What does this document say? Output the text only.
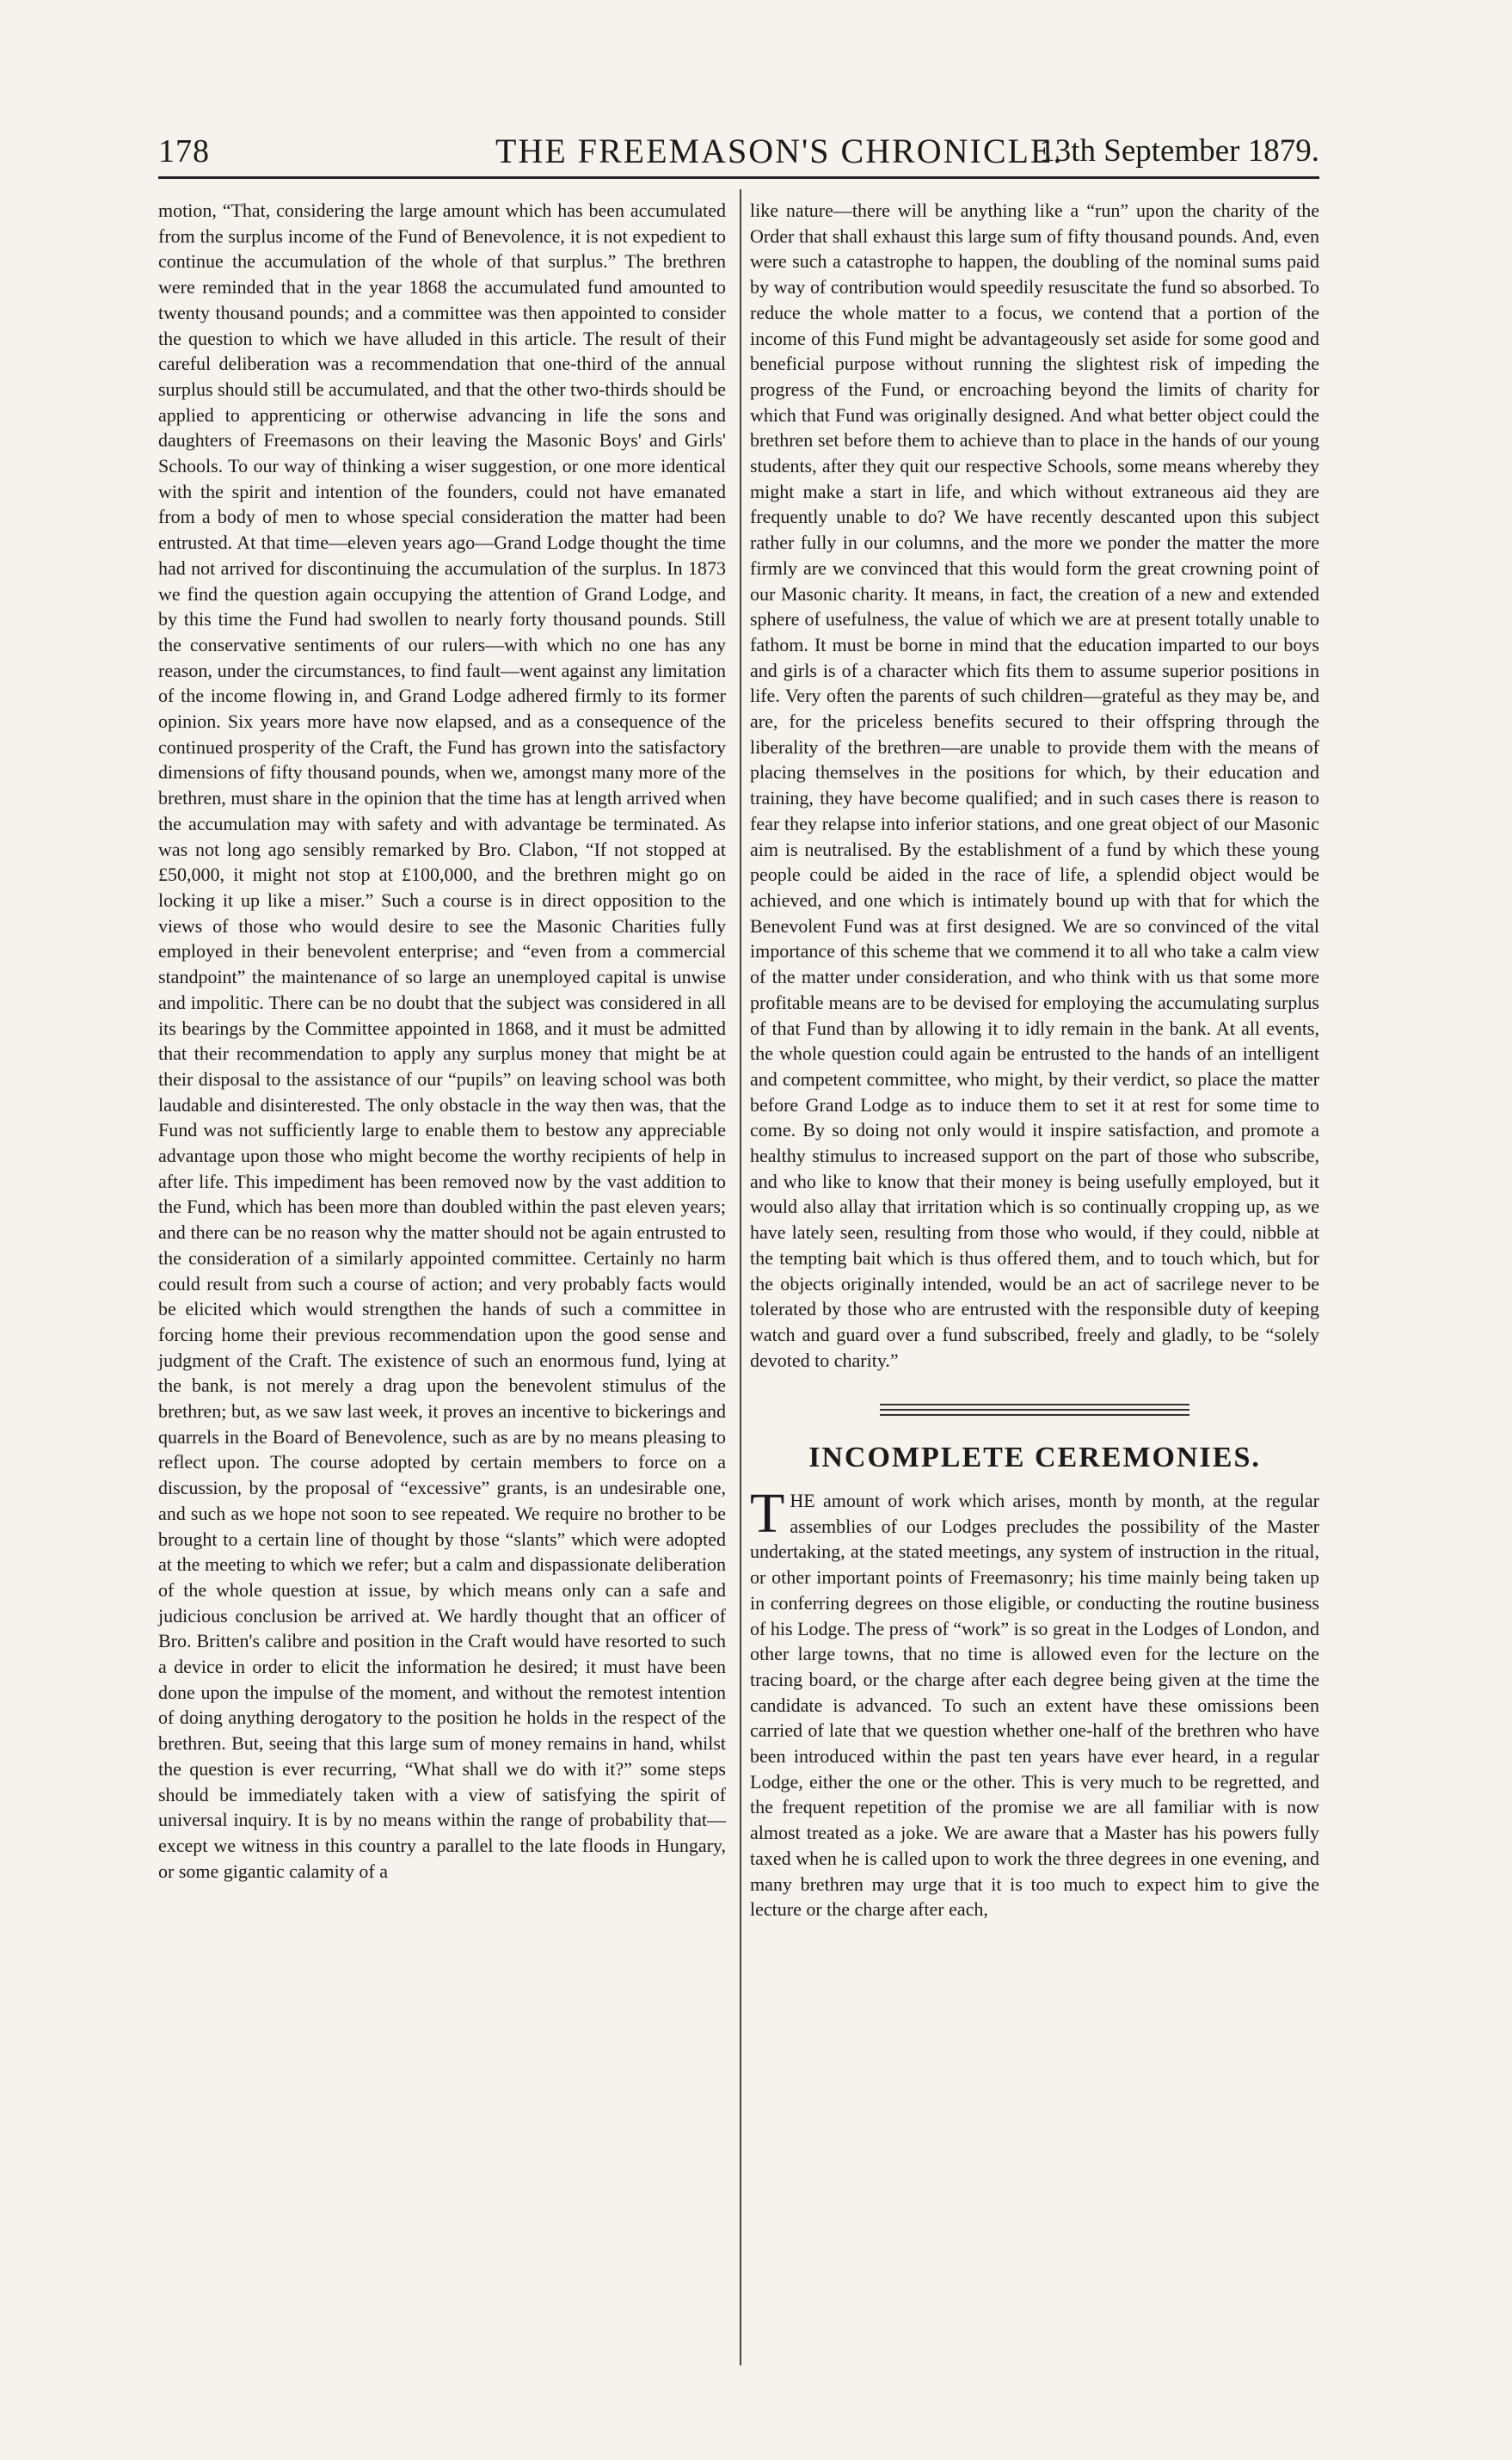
178	THE FREEMASON'S CHRONICLE.
13th September 1879.

motion, “That, considering the large amount which has been accumulated from the surplus income of the Fund of Benevolence, it is not expedient to continue the accumulation of the whole of that surplus.” The brethren were reminded that in the year 1868 the accumulated fund amounted to twenty thousand pounds; and a committee was then appointed to consider the question to which we have alluded in this article. The result of their careful deliberation was a recommendation that one-third of the annual surplus should still be accumulated, and that the other two-thirds should be applied to apprenticing or otherwise advancing in life the sons and daughters of Freemasons on their leaving the Masonic Boys' and Girls' Schools. To our way of thinking a wiser suggestion, or one more identical with the spirit and intention of the founders, could not have emanated from a body of men to whose special consideration the matter had been entrusted. At that time—eleven years ago—Grand Lodge thought the time had not arrived for discontinuing the accumulation of the surplus. In 1873 we find the question again occupying the attention of Grand Lodge, and by this time the Fund had swollen to nearly forty thousand pounds. Still the conservative sentiments of our rulers—with which no one has any reason, under the circumstances, to find fault—went against any limitation of the income flowing in, and Grand Lodge adhered firmly to its former opinion. Six years more have now elapsed, and as a consequence of the continued prosperity of the Craft, the Fund has grown into the satisfactory dimensions of fifty thousand pounds, when we, amongst many more of the brethren, must share in the opinion that the time has at length arrived when the accumulation may with safety and with advantage be terminated. As was not long ago sensibly remarked by Bro. Clabon, “If not stopped at £50,000, it might not stop at £100,000, and the brethren might go on locking it up like a miser.” Such a course is in direct opposition to the views of those who would desire to see the Masonic Charities fully employed in their benevolent enterprise; and “even from a commercial standpoint” the maintenance of so large an unemployed capital is unwise and impolitic. There can be no doubt that the subject was considered in all its bearings by the Committee appointed in 1868, and it must be admitted that their recommendation to apply any surplus money that might be at their disposal to the assistance of our “pupils” on leaving school was both laudable and disinterested. The only obstacle in the way then was, that the Fund was not sufficiently large to enable them to bestow any appreciable advantage upon those who might become the worthy recipients of help in after life. This impediment has been removed now by the vast addition to the Fund, which has been more than doubled within the past eleven years; and there can be no reason why the matter should not be again entrusted to the consideration of a similarly appointed committee. Certainly no harm could result from such a course of action; and very probably facts would be elicited which would strengthen the hands of such a committee in forcing home their previous recommendation upon the good sense and judgment of the Craft. The existence of such an enormous fund, lying at the bank, is not merely a drag upon the benevolent stimulus of the brethren; but, as we saw last week, it proves an incentive to bickerings and quarrels in the Board of Benevolence, such as are by no means pleasing to reflect upon. The course adopted by certain members to force on a discussion, by the proposal of “excessive” grants, is an undesirable one, and such as we hope not soon to see repeated. We require no brother to be brought to a certain line of thought by those “slants” which were adopted at the meeting to which we refer; but a calm and dispassionate deliberation of the whole question at issue, by which means only can a safe and judicious conclusion be arrived at. We hardly thought that an officer of Bro. Britten's calibre and position in the Craft would have resorted to such a device in order to elicit the information he desired; it must have been done upon the impulse of the moment, and without the remotest intention of doing anything derogatory to the position he holds in the respect of the brethren. But, seeing that this large sum of money remains in hand, whilst the question is ever recurring, “What shall we do with it?” some steps should be immediately taken with a view of satisfying the spirit of universal inquiry. It is by no means within the range of probability that—except we witness in this country a parallel to the late floods in Hungary, or some gigantic calamity of a

like nature—there will be anything like a “run” upon the charity of the Order that shall exhaust this large sum of fifty thousand pounds. And, even were such a catastrophe to happen, the doubling of the nominal sums paid by way of contribution would speedily resuscitate the fund so absorbed. To reduce the whole matter to a focus, we contend that a portion of the income of this Fund might be advantageously set aside for some good and beneficial purpose without running the slightest risk of impeding the progress of the Fund, or encroaching beyond the limits of charity for which that Fund was originally designed. And what better object could the brethren set before them to achieve than to place in the hands of our young students, after they quit our respective Schools, some means whereby they might make a start in life, and which without extraneous aid they are frequently unable to do? We have recently descanted upon this subject rather fully in our columns, and the more we ponder the matter the more firmly are we convinced that this would form the great crowning point of our Masonic charity. It means, in fact, the creation of a new and extended sphere of usefulness, the value of which we are at present totally unable to fathom. It must be borne in mind that the education imparted to our boys and girls is of a character which fits them to assume superior positions in life. Very often the parents of such children—grateful as they may be, and are, for the priceless benefits secured to their offspring through the liberality of the brethren—are unable to provide them with the means of placing themselves in the positions for which, by their education and training, they have become qualified; and in such cases there is reason to fear they relapse into inferior stations, and one great object of our Masonic aim is neutralised. By the establishment of a fund by which these young people could be aided in the race of life, a splendid object would be achieved, and one which is intimately bound up with that for which the Benevolent Fund was at first designed. We are so convinced of the vital importance of this scheme that we commend it to all who take a calm view of the matter under consideration, and who think with us that some more profitable means are to be devised for employing the accumulating surplus of that Fund than by allowing it to idly remain in the bank. At all events, the whole question could again be entrusted to the hands of an intelligent and competent committee, who might, by their verdict, so place the matter before Grand Lodge as to induce them to set it at rest for some time to come. By so doing not only would it inspire satisfaction, and promote a healthy stimulus to increased support on the part of those who subscribe, and who like to know that their money is being usefully employed, but it would also allay that irritation which is so continually cropping up, as we have lately seen, resulting from those who would, if they could, nibble at the tempting bait which is thus offered them, and to touch which, but for the objects originally intended, would be an act of sacrilege never to be tolerated by those who are entrusted with the responsible duty of keeping watch and guard over a fund subscribed, freely and gladly, to be “solely devoted to charity.”

INCOMPLETE CEREMONIES.

THE amount of work which arises, month by month, at the regular assemblies of our Lodges precludes the possibility of the Master undertaking, at the stated meetings, any system of instruction in the ritual, or other important points of Freemasonry; his time mainly being taken up in conferring degrees on those eligible, or conducting the routine business of his Lodge. The press of “work” is so great in the Lodges of London, and other large towns, that no time is allowed even for the lecture on the tracing board, or the charge after each degree being given at the time the candidate is advanced. To such an extent have these omissions been carried of late that we question whether one-half of the brethren who have been introduced within the past ten years have ever heard, in a regular Lodge, either the one or the other. This is very much to be regretted, and the frequent repetition of the promise we are all familiar with is now almost treated as a joke. We are aware that a Master has his powers fully taxed when he is called upon to work the three degrees in one evening, and many brethren may urge that it is too much to expect him to give the lecture or the charge after each,
